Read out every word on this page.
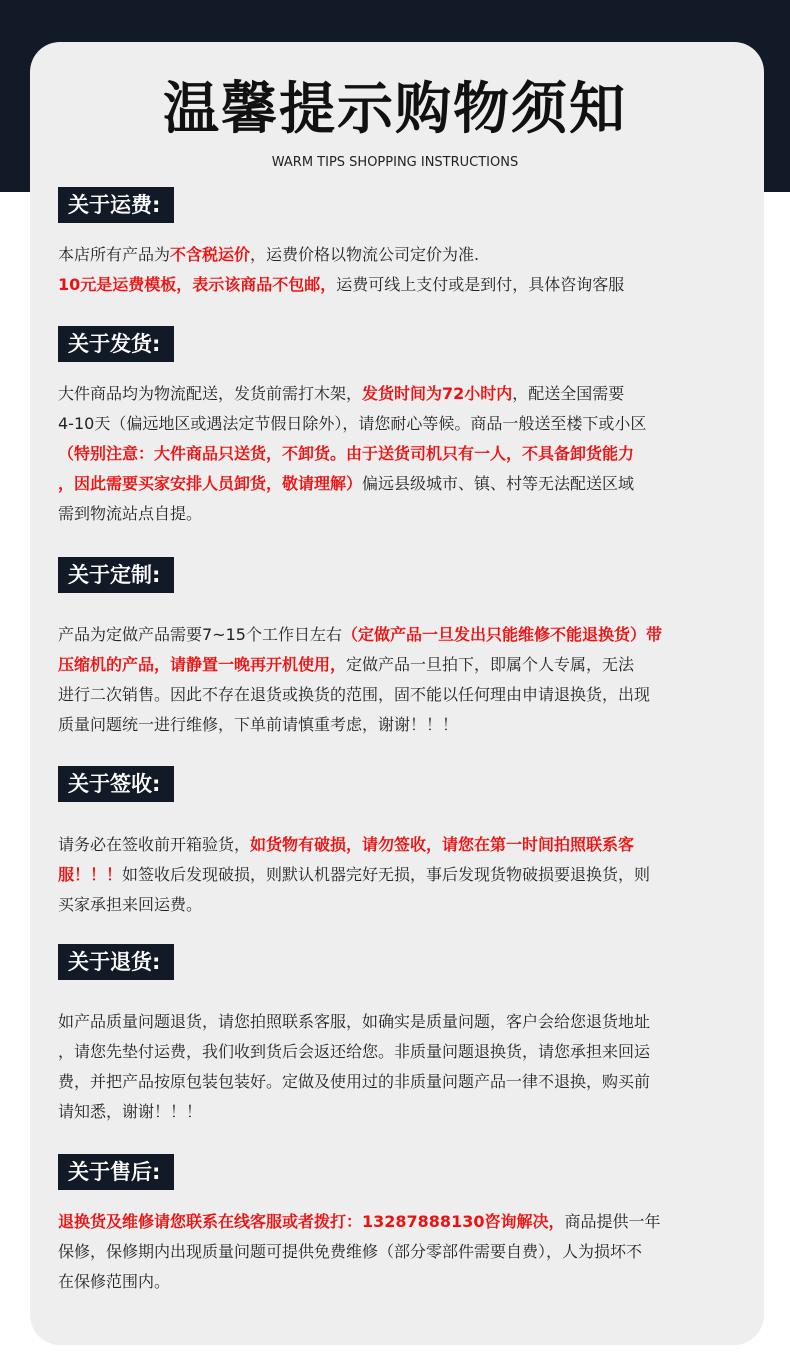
温馨提示购物须知
WARM TIPS SHOPPING INSTRUCTIONS
关于运费:
本店所有产品为不含税运价，运费价格以物流公司定价为准.
10元是运费模板，表示该商品不包邮，运费可线上支付或是到付，具体咨询客服
关于发货:
大件商品均为物流配送，发货前需打木架，发货时间为72小时内，配送全国需要
4-10天（偏远地区或遇法定节假日除外），请您耐心等候。商品一般送至楼下或小区
（特别注意：大件商品只送货，不卸货。由于送货司机只有一人，不具备卸货能力
，因此需要买家安排人员卸货，敬请理解）偏远县级城市、镇、村等无法配送区域
需到物流站点自提。
关于定制:
产品为定做产品需要7~15个工作日左右（定做产品一旦发出只能维修不能退换货）带
压缩机的产品，请静置一晚再开机使用，定做产品一旦拍下，即属个人专属，无法
进行二次销售。因此不存在退货或换货的范围，固不能以任何理由申请退换货，出现
质量问题统一进行维修，下单前请慎重考虑，谢谢！！！
关于签收:
请务必在签收前开箱验货，如货物有破损，请勿签收，请您在第一时间拍照联系客
服！！！如签收后发现破损，则默认机器完好无损，事后发现货物破损要退换货，则
买家承担来回运费。
关于退货:
如产品质量问题退货，请您拍照联系客服，如确实是质量问题，客户会给您退货地址
，请您先垫付运费，我们收到货后会返还给您。非质量问题退换货，请您承担来回运
费，并把产品按原包装包装好。定做及使用过的非质量问题产品一律不退换，购买前
请知悉，谢谢！！！
关于售后:
退换货及维修请您联系在线客服或者拨打：13287888130咨询解决，商品提供一年
保修，保修期内出现质量问题可提供免费维修（部分零部件需要自费），人为损坏不
在保修范围内。
